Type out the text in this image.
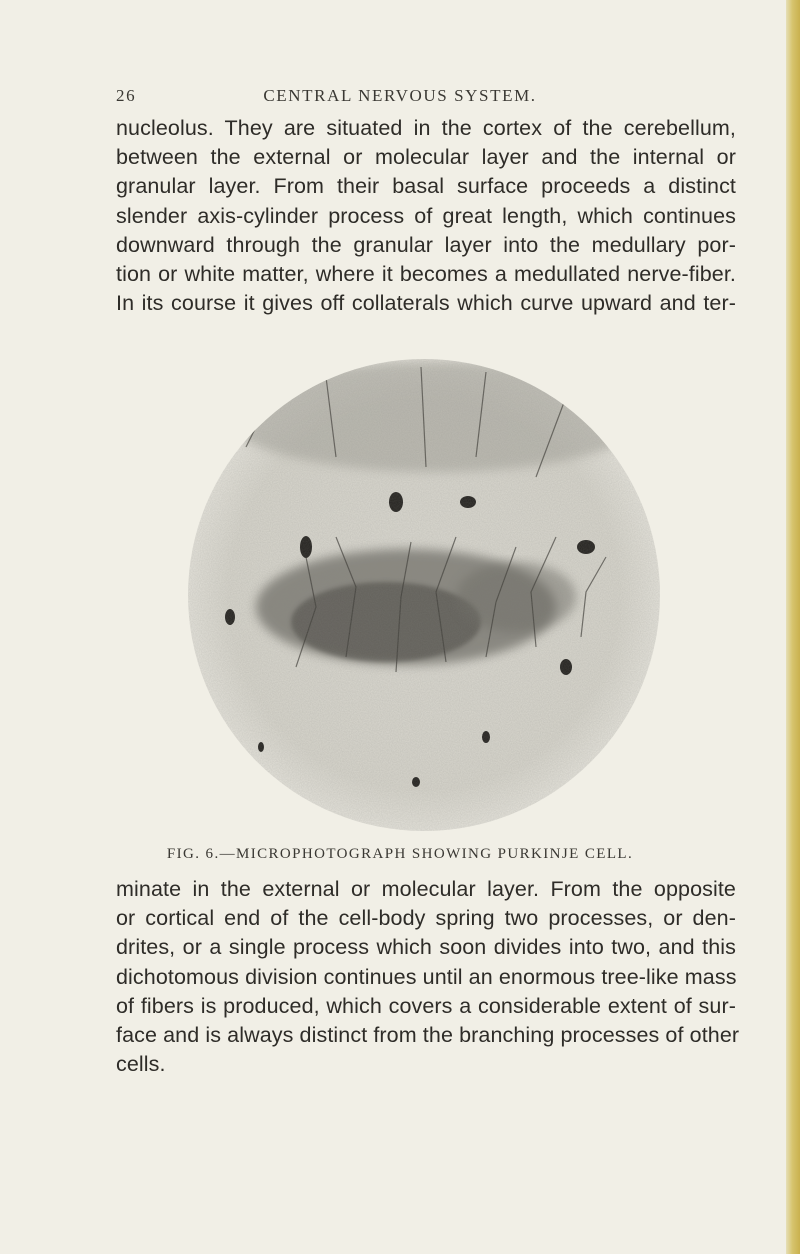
26	CENTRAL NERVOUS SYSTEM.
nucleolus. They are situated in the cortex of the cerebellum,
between the external or molecular layer and the internal or
granular layer. From their basal surface proceeds a distinct
slender axis-cylinder process of great length, which continues
downward through the granular layer into the medullary por-
tion or white matter, where it becomes a medullated nerve-fiber.
In its course it gives off collaterals which curve upward and ter-
FIG. 6.—MICROPHOTOGRAPH SHOWING PURKINJE CELL.
minate in the external or molecular layer. From the opposite
or cortical end of the cell-body spring two processes, or den-
drites, or a single process which soon divides into two, and this
dichotomous division continues until an enormous tree-like mass
of fibers is produced, which covers a considerable extent of sur-
face and is always distinct from the branching processes of other
cells.
